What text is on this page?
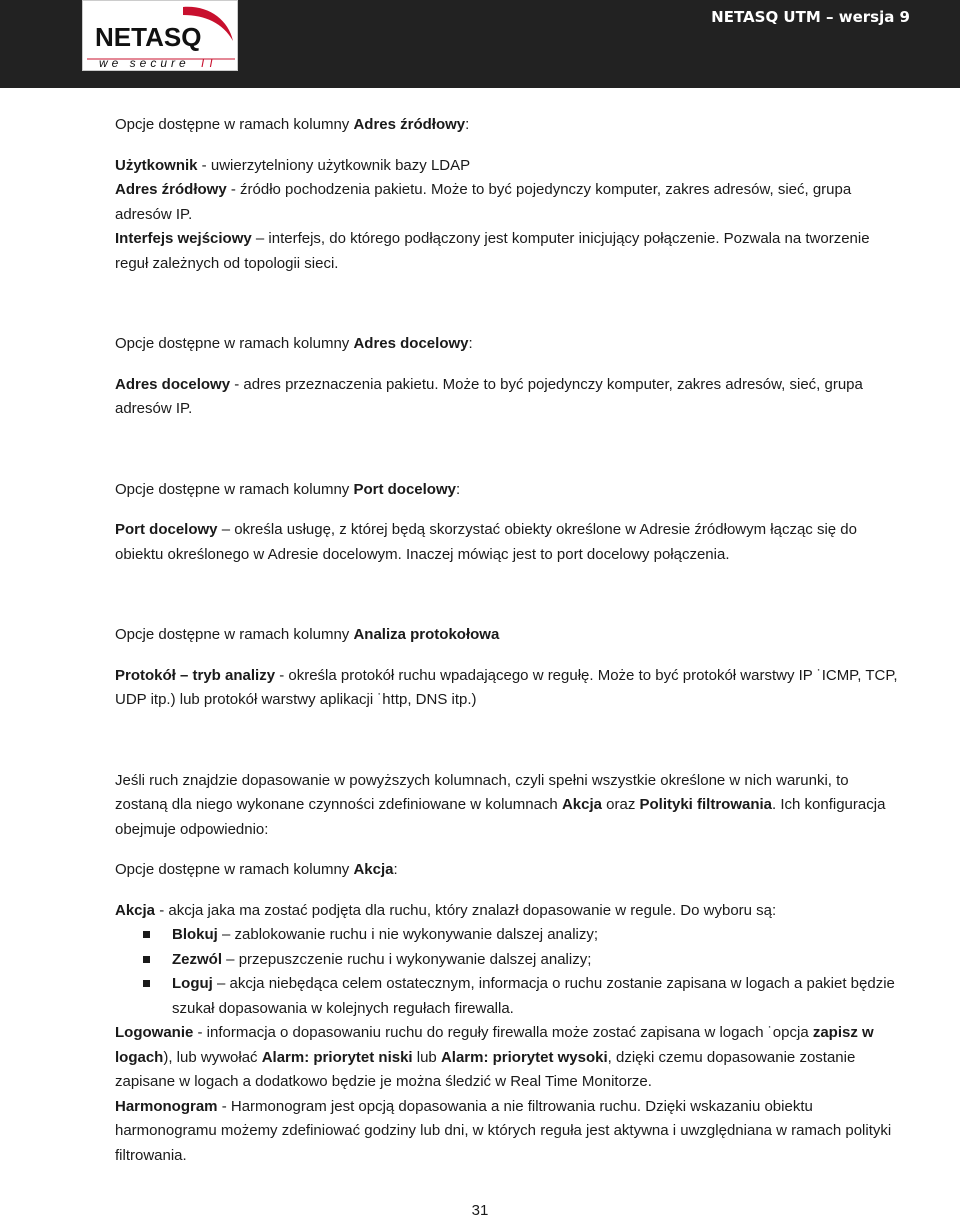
NETASQ
we secure IT
NETASQ UTM – wersja 9

Opcje dostępne w ramach kolumny Adres źródłowy:

Użytkownik - uwierzytelniony użytkownik bazy LDAP

Adres źródłowy - źródło pochodzenia pakietu. Może to być pojedynczy komputer, zakres adresów, sieć, grupa adresów IP.

Interfejs wejściowy – interfejs, do którego podłączony jest komputer inicjujący połączenie. Pozwala na tworzenie reguł zależnych od topologii sieci.

Opcje dostępne w ramach kolumny Adres docelowy:

Adres docelowy - adres przeznaczenia pakietu. Może to być pojedynczy komputer, zakres adresów, sieć, grupa adresów IP.

Opcje dostępne w ramach kolumny Port docelowy:

Port docelowy – określa usługę, z której będą skorzystać obiekty określone w Adresie źródłowym łącząc się do obiektu określonego w Adresie docelowym. Inaczej mówiąc jest to port docelowy połączenia.

Opcje dostępne w ramach kolumny Analiza protokołowa

Protokół – tryb analizy - określa protokół ruchu wpadającego w regułę. Może to być protokół warstwy IP ˙ICMP, TCP, UDP itp.) lub protokół warstwy aplikacji ˙http, DNS itp.)

Jeśli ruch znajdzie dopasowanie w powyższych kolumnach, czyli spełni wszystkie określone w nich warunki, to zostaną dla niego wykonane czynności zdefiniowane w kolumnach Akcja oraz Polityki filtrowania. Ich konfiguracja obejmuje odpowiednio:

Opcje dostępne w ramach kolumny Akcja:

Akcja - akcja jaka ma zostać podjęta dla ruchu, który znalazł dopasowanie w regule. Do wyboru są:

Blokuj – zablokowanie ruchu i nie wykonywanie dalszej analizy;
Zezwól – przepuszczenie ruchu i wykonywanie dalszej analizy;
Loguj – akcja niebędąca celem ostatecznym, informacja o ruchu zostanie zapisana w logach a pakiet będzie szukał dopasowania w kolejnych regułach firewalla.

Logowanie - informacja o dopasowaniu ruchu do reguły firewalla może zostać zapisana w logach ˙opcja zapisz w logach), lub wywołać Alarm: priorytet niski lub Alarm: priorytet wysoki, dzięki czemu dopasowanie zostanie zapisane w logach a dodatkowo będzie je można śledzić w Real Time Monitorze.

Harmonogram - Harmonogram jest opcją dopasowania a nie filtrowania ruchu. Dzięki wskazaniu obiektu harmonogramu możemy zdefiniować godziny lub dni, w których reguła jest aktywna i uwzględniana w ramach polityki filtrowania.

31
